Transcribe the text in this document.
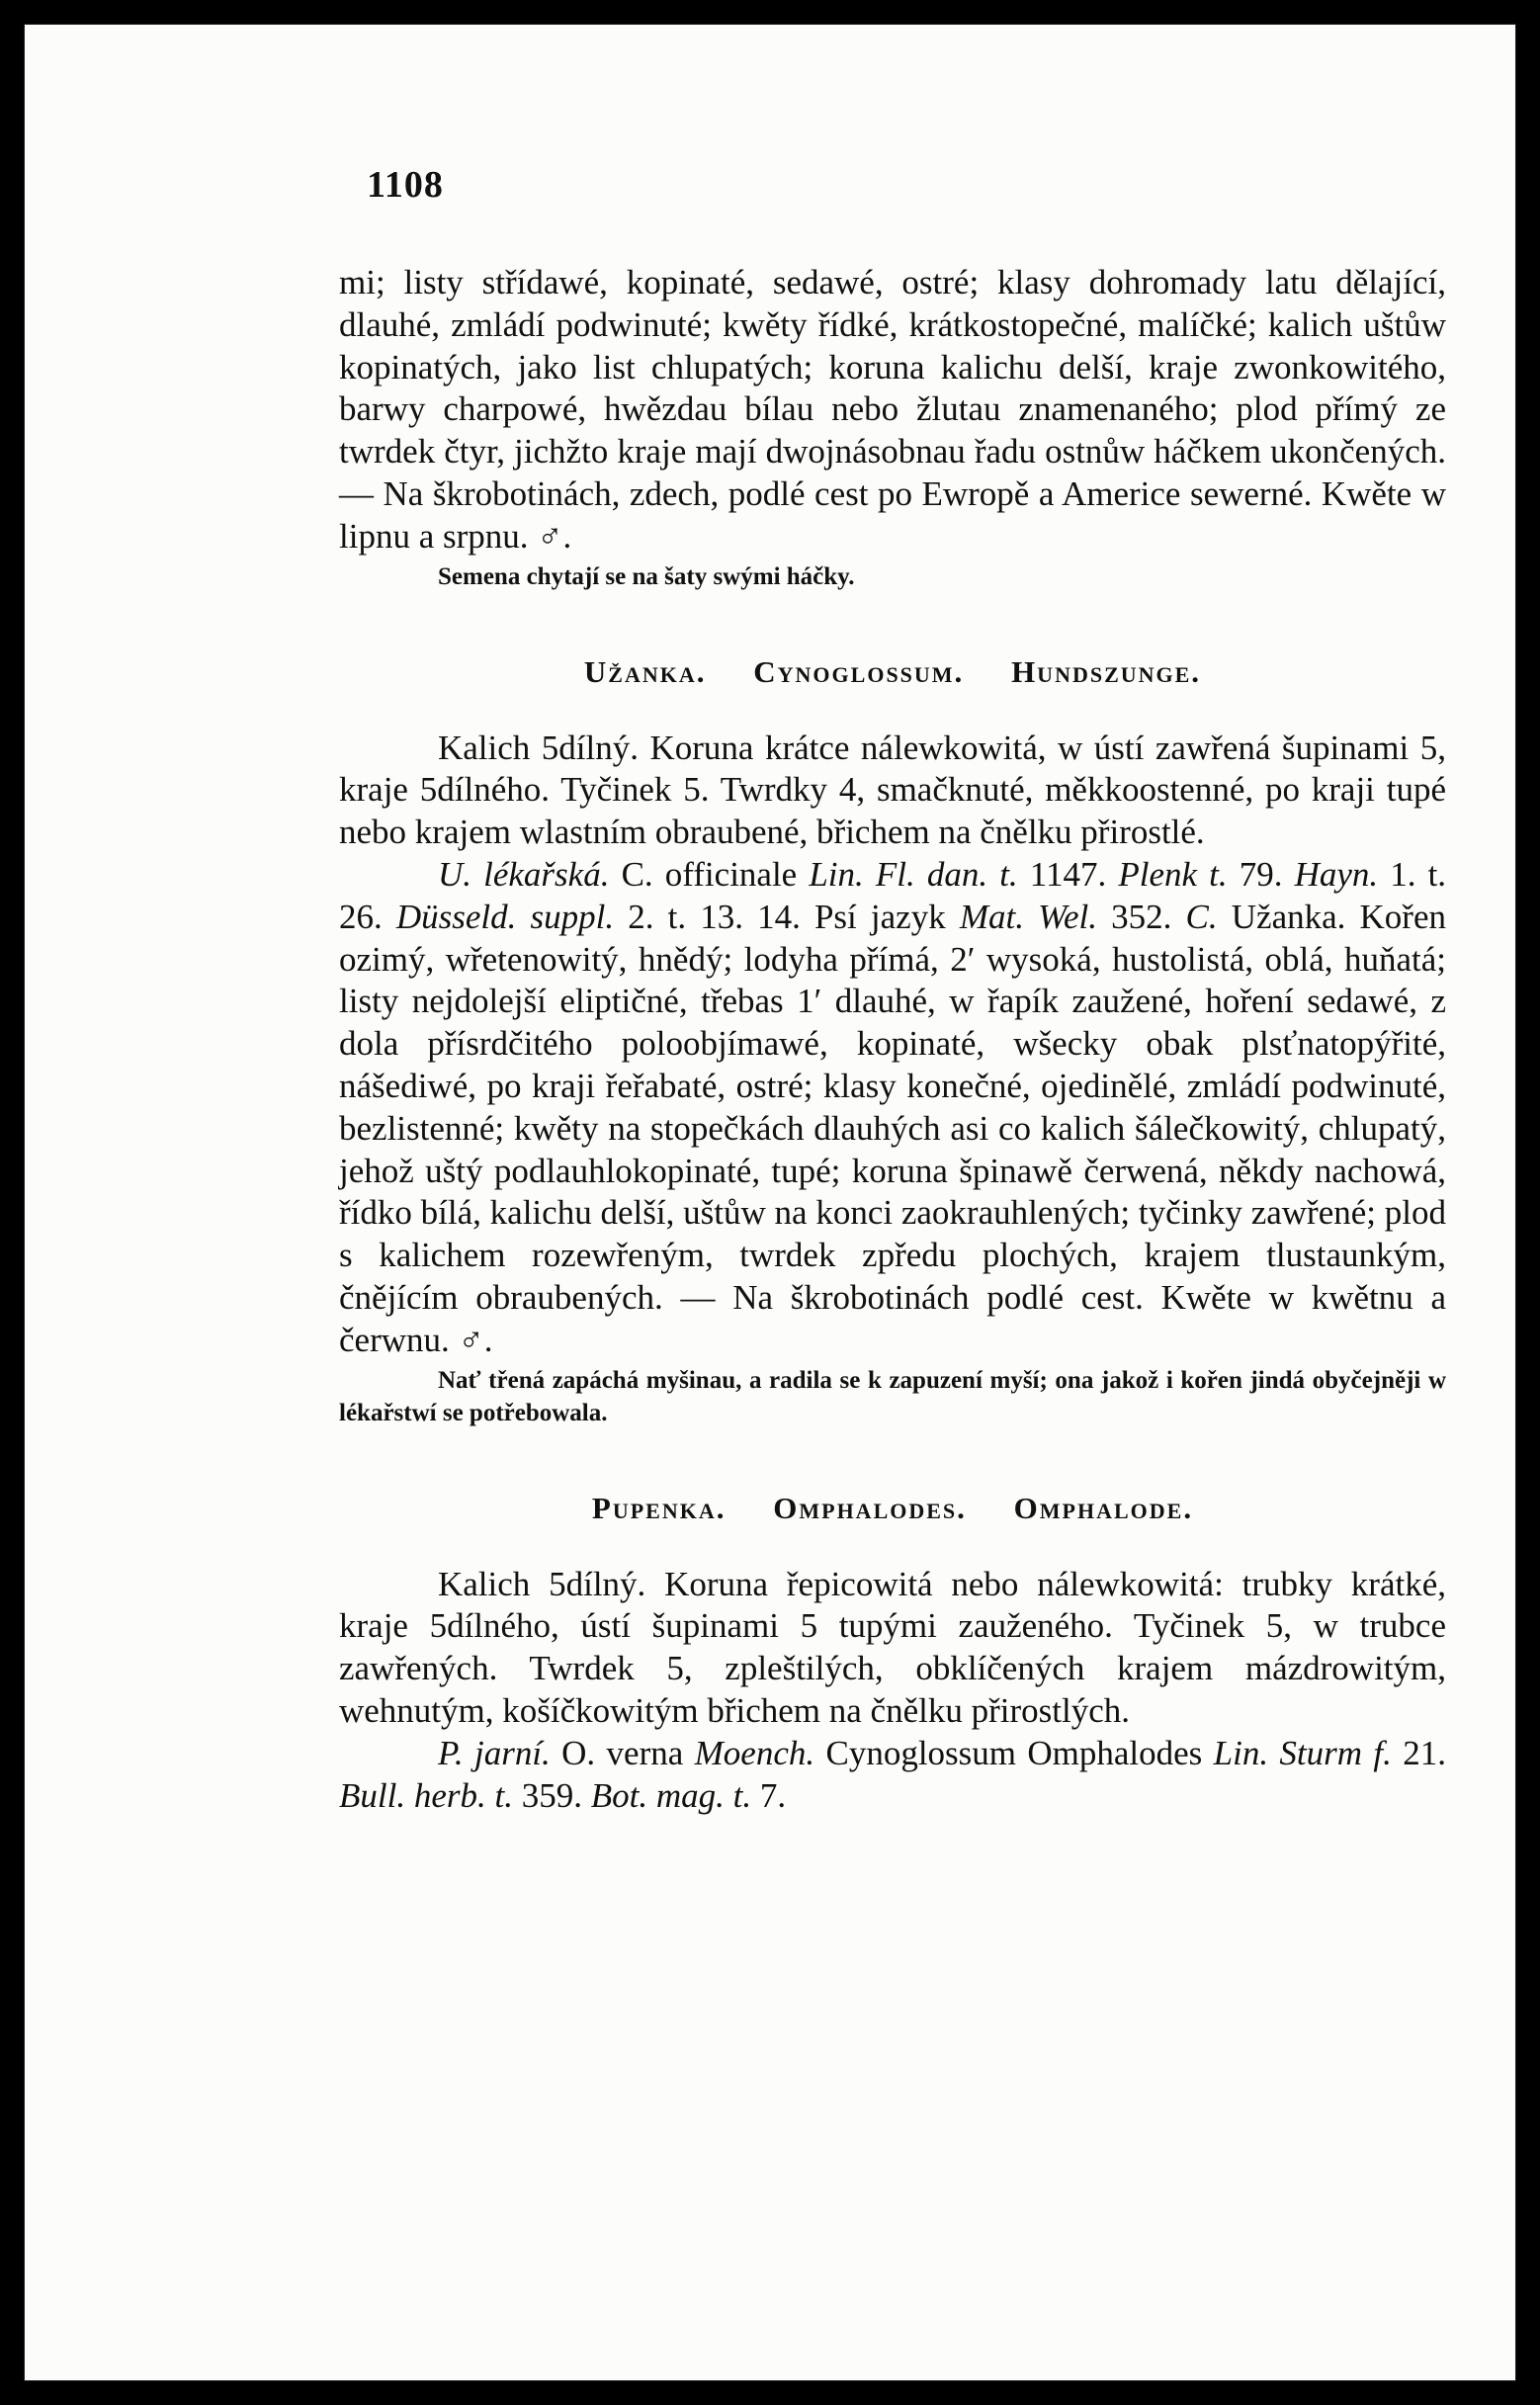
1108

mi; listy střídawé, kopinaté, sedawé, ostré; klasy dohromady latu dělající, dlauhé, zmládí podwinuté; kwěty řídké, krátkostopečné, malíčké; kalich uštůw kopinatých, jako list chlupatých; koruna kalichu delší, kraje zwonkowitého, barwy charpowé, hwězdau bílau nebo žlutau znamenaného; plod přímý ze twrdek čtyr, jichžto kraje mají dwojnásobnau řadu ostnůw háčkem ukončených. — Na škrobotinách, zdech, podlé cest po Ewropě a Americe sewerné. Kwěte w lipnu a srpnu. ♂.

Semena chytají se na šaty swými háčky.

Užanka. Cynoglossum. Hundszunge.

Kalich 5dílný. Koruna krátce nálewkowitá, w ústí zawřená šupinami 5, kraje 5dílného. Tyčinek 5. Twrdky 4, smačknuté, měkkoostenné, po kraji tupé nebo krajem wlastním obraubené, břichem na čnělku přirostlé.

U. lékařská. C. officinale Lin. Fl. dan. t. 1147. Plenk t. 79. Hayn. 1. t. 26. Düsseld. suppl. 2. t. 13. 14. Psí jazyk Mat. Wel. 352. C. Užanka. Kořen ozimý, wřetenowitý, hnědý; lodyha přímá, 2′ wysoká, hustolistá, oblá, huňatá; listy nejdolejší eliptičné, třebas 1′ dlauhé, w řapík zaužené, hoření sedawé, z dola přísrdčitého poloobjímawé, kopinaté, wšecky obak plsťnatopýřité, nášediwé, po kraji řeřabaté, ostré; klasy konečné, ojedinělé, zmládí podwinuté, bezlistenné; kwěty na stopečkách dlauhých asi co kalich šálečkowitý, chlupatý, jehož uštý podlauhlokopinaté, tupé; koruna špinawě čerwená, někdy nachowá, řídko bílá, kalichu delší, uštůw na konci zaokrauhlených; tyčinky zawřené; plod s kalichem rozewřeným, twrdek zpředu plochých, krajem tlustaunkým, čnějícím obraubených. — Na škrobotinách podlé cest. Kwěte w kwětnu a čerwnu. ♂.

Nať třená zapáchá myšinau, a radila se k zapuzení myší; ona jakož i kořen jindá obyčejněji w lékařstwí se potřebowala.

Pupenka. Omphalodes. Omphalode.

Kalich 5dílný. Koruna řepicowitá nebo nálewkowitá: trubky krátké, kraje 5dílného, ústí šupinami 5 tupými zauženého. Tyčinek 5, w trubce zawřených. Twrdek 5, zpleštilých, obklíčených krajem mázdrowitým, wehnutým, košíčkowitým břichem na čnělku přirostlých.

P. jarní. O. verna Moench. Cynoglossum Omphalodes Lin. Sturm f. 21. Bull. herb. t. 359. Bot. mag. t. 7.
